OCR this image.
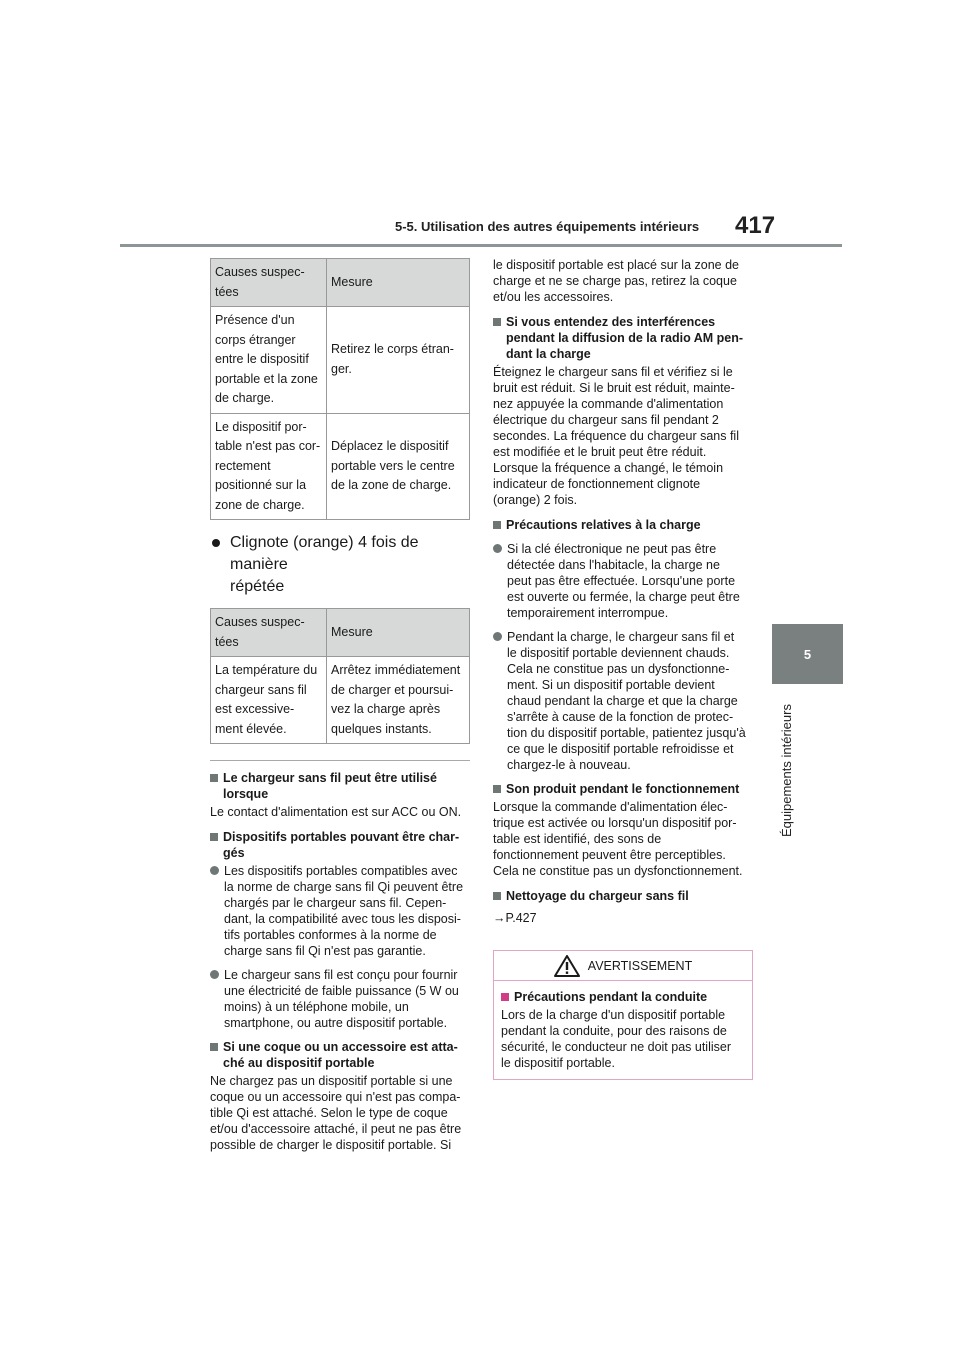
5-5. Utilisation des autres équipements intérieurs 417
5
Équipements intérieurs
Causes suspec-
tées	Mesure

Présence d'un
corps étranger
entre le dispositif
portable et la zone
de charge.	Retirez le corps étran-
ger.

Le dispositif por-
table n'est pas cor-
rectement
positionné sur la
zone de charge.	Déplacez le dispositif
portable vers le centre
de la zone de charge.
Clignote (orange) 4 fois de manière
répétée
Causes suspec-
tées	Mesure

La température du
chargeur sans fil
est excessive-
ment élevée.	Arrêtez immédiatement
de charger et poursui-
vez la charge après
quelques instants.
Le chargeur sans fil peut être utilisé
lorsque
Le contact d'alimentation est sur ACC ou ON.
Dispositifs portables pouvant être char-
gés
Les dispositifs portables compatibles avec
la norme de charge sans fil Qi peuvent être
chargés par le chargeur sans fil. Cepen-
dant, la compatibilité avec tous les disposi-
tifs portables conformes à la norme de
charge sans fil Qi n'est pas garantie.
Le chargeur sans fil est conçu pour fournir
une électricité de faible puissance (5 W ou
moins) à un téléphone mobile, un
smartphone, ou autre dispositif portable.
Si une coque ou un accessoire est atta-
ché au dispositif portable
Ne chargez pas un dispositif portable si une
coque ou un accessoire qui n'est pas compa-
tible Qi est attaché. Selon le type de coque
et/ou d'accessoire attaché, il peut ne pas être
possible de charger le dispositif portable. Si
le dispositif portable est placé sur la zone de
charge et ne se charge pas, retirez la coque
et/ou les accessoires.
Si vous entendez des interférences
pendant la diffusion de la radio AM pen-
dant la charge
Éteignez le chargeur sans fil et vérifiez si le
bruit est réduit. Si le bruit est réduit, mainte-
nez appuyée la commande d'alimentation
électrique du chargeur sans fil pendant 2
secondes. La fréquence du chargeur sans fil
est modifiée et le bruit peut être réduit.
Lorsque la fréquence a changé, le témoin
indicateur de fonctionnement clignote
(orange) 2 fois.
Précautions relatives à la charge
Si la clé électronique ne peut pas être
détectée dans l'habitacle, la charge ne
peut pas être effectuée. Lorsqu'une porte
est ouverte ou fermée, la charge peut être
temporairement interrompue.
Pendant la charge, le chargeur sans fil et
le dispositif portable deviennent chauds.
Cela ne constitue pas un dysfonctionne-
ment. Si un dispositif portable devient
chaud pendant la charge et que la charge
s'arrête à cause de la fonction de protec-
tion du dispositif portable, patientez jusqu'à
ce que le dispositif portable refroidisse et
chargez-le à nouveau.
Son produit pendant le fonctionnement
Lorsque la commande d'alimentation élec-
trique est activée ou lorsqu'un dispositif por-
table est identifié, des sons de
fonctionnement peuvent être perceptibles.
Cela ne constitue pas un dysfonctionnement.
Nettoyage du chargeur sans fil
→P.427
AVERTISSEMENT
Précautions pendant la conduite
Lors de la charge d'un dispositif portable
pendant la conduite, pour des raisons de
sécurité, le conducteur ne doit pas utiliser
le dispositif portable.
